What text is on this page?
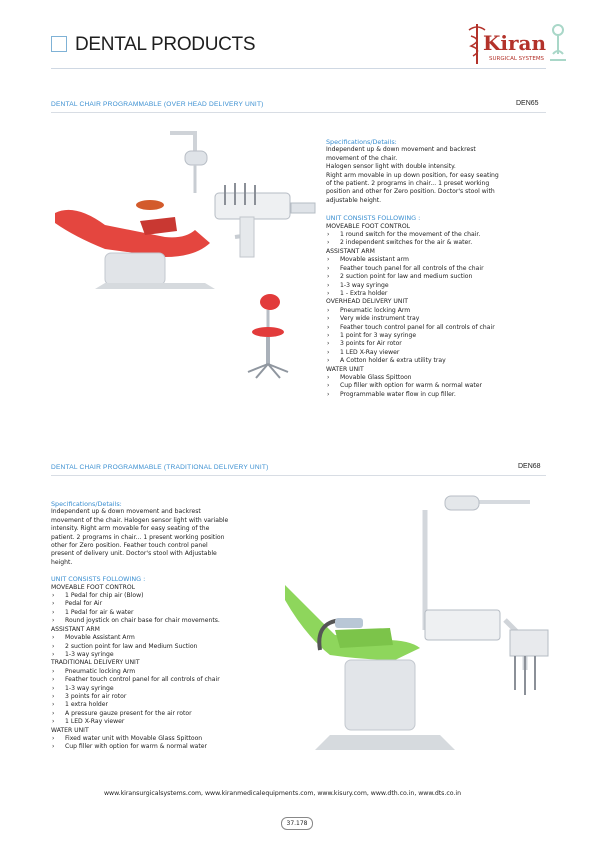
DENTAL PRODUCTS	Kiran
SURGICAL SYSTEMS
DENTAL CHAIR PROGRAMMABLE (OVER HEAD DELIVERY UNIT)	DEN65

Specifications/Details:

Independent up & down movement and backrest

movement of the chair.

Halogen sensor light with double intensity.

Right arm movable in up down position, for easy seating

of the patient. 2 programs in chair... 1 preset working

position and other for Zero position. Doctor's stool with

adjustable height.

UNIT CONSISTS FOLLOWING :

MOVEABLE FOOT CONTROL

› 1 round switch for the movement of the chair.

› 2 independent switches for the air & water.

ASSISTANT ARM

› Movable assistant arm

› Feather touch panel for all controls of the chair

› 2 suction point for law and medium suction

› 1-3 way syringe

› 1 - Extra holder

OVERHEAD DELIVERY UNIT

› Pneumatic locking Arm

› Very wide instrument tray

› Feather touch control panel for all controls of chair

› 1 point for 3 way syringe

› 3 points for Air rotor

› 1 LED X-Ray viewer

› A Cotton holder & extra utility tray

WATER UNIT

› Movable Glass Spittoon

› Cup filler with option for warm & normal water

› Programmable water flow in cup filler.

DENTAL CHAIR PROGRAMMABLE (TRADITIONAL DELIVERY UNIT)	DEN68

Specifications/Details:

Independent up & down movement and backrest

movement of the chair. Halogen sensor light with variable

intensity. Right arm movable for easy seating of the

patient. 2 programs in chair... 1 present working position

other for Zero position. Feather touch control panel

present of delivery unit. Doctor's stool with Adjustable

height.

UNIT CONSISTS FOLLOWING :

MOVEABLE FOOT CONTROL

› 1 Pedal for chip air (Blow)

› Pedal for Air

› 1 Pedal for air & water

› Round joystick on chair base for chair movements.

ASSISTANT ARM

› Movable Assistant Arm

› 2 suction point for law and Medium Suction

› 1-3 way syringe

TRADITIONAL DELIVERY UNIT

› Pneumatic locking Arm

› Feather touch control panel for all controls of chair

› 1-3 way syringe

› 3 points for air rotor

› 1 extra holder

› A pressure gauze present for the air rotor

› 1 LED X-Ray viewer

WATER UNIT

› Fixed water unit with Movable Glass Spittoon

› Cup filler with option for warm & normal water

www.kiransurgicalsystems.com, www.kiranmedicalequipments.com, www.kisury.com, www.dth.co.in, www.dts.co.in
37.178
